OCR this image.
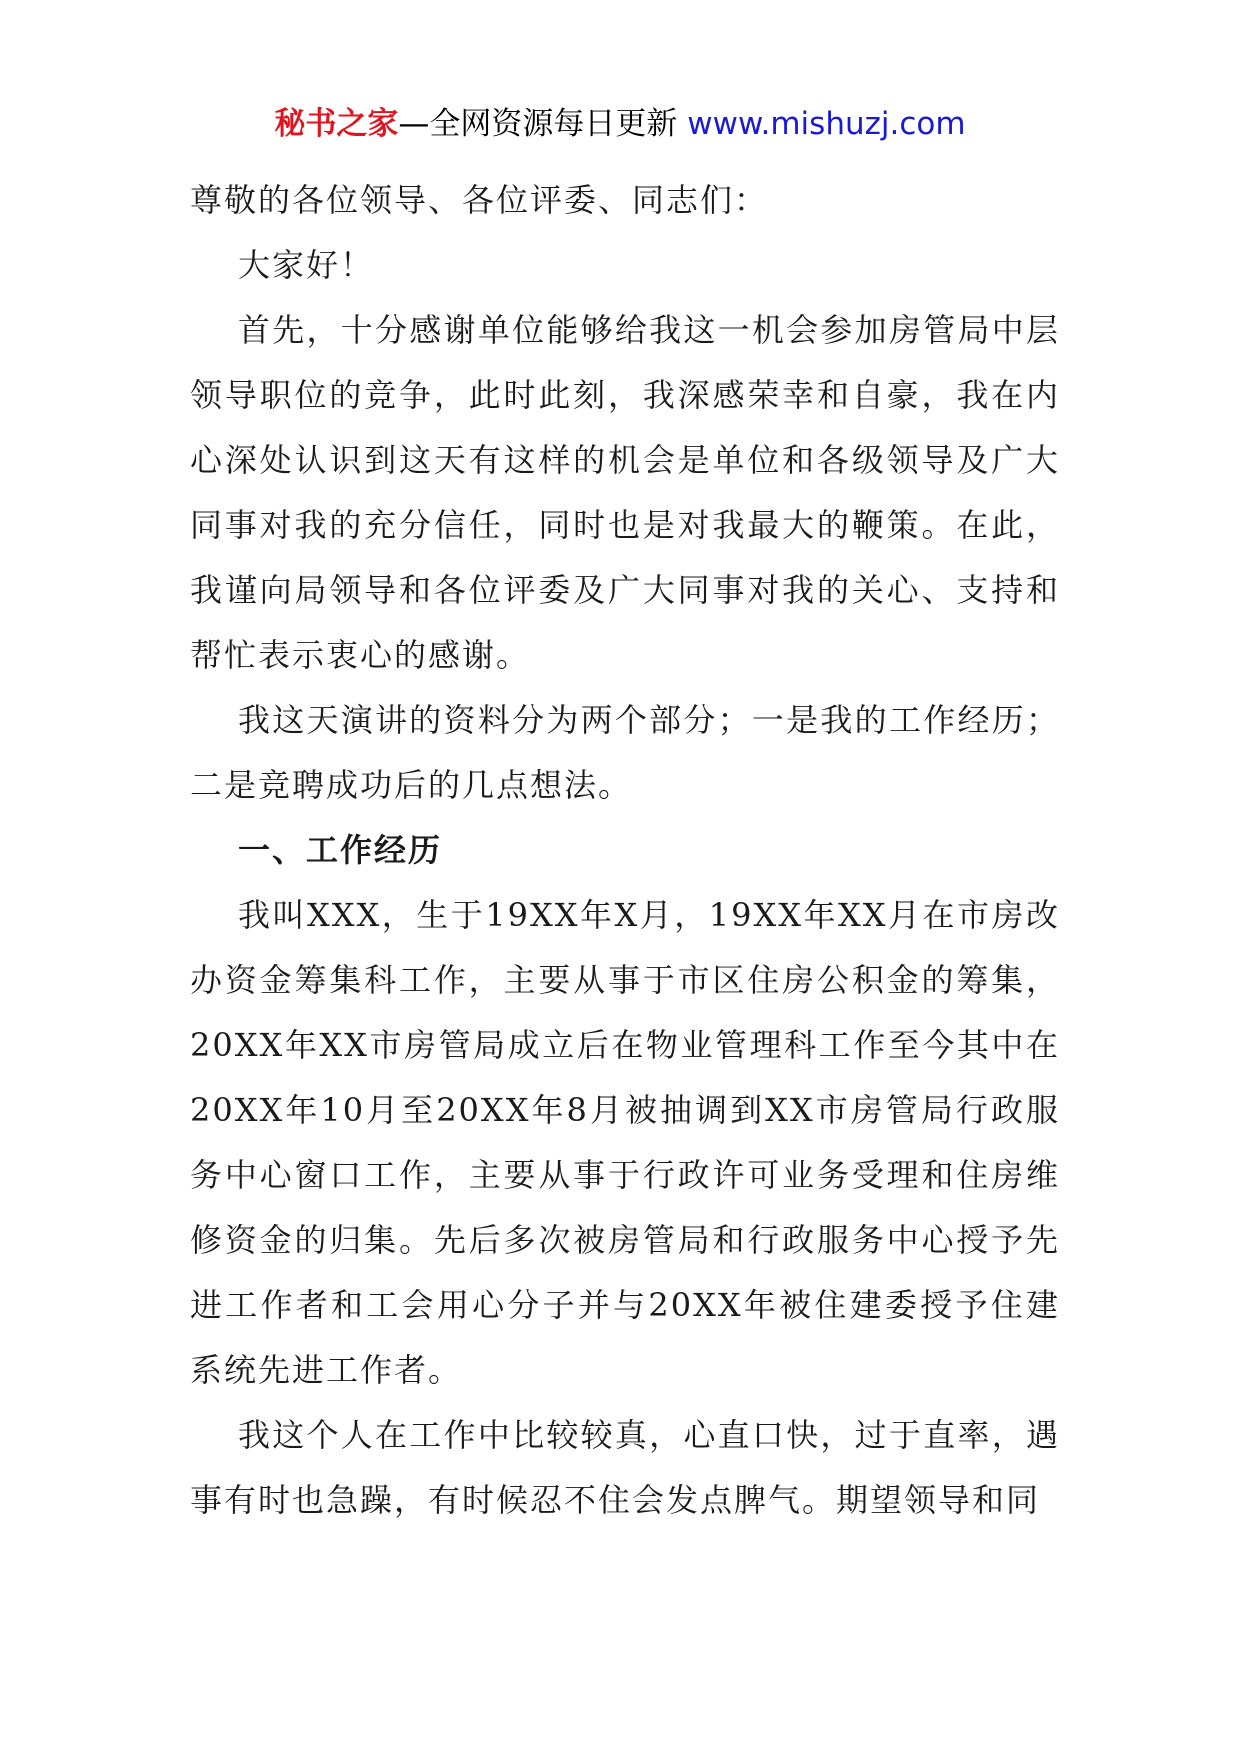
秘书之家—全网资源每日更新 www.mishuzj.com

尊敬的各位领导、各位评委、同志们：

大家好！

首先，十分感谢单位能够给我这一机会参加房管局中层领导职位的竞争，此时此刻，我深感荣幸和自豪，我在内心深处认识到这天有这样的机会是单位和各级领导及广大同事对我的充分信任，同时也是对我最大的鞭策。在此，我谨向局领导和各位评委及广大同事对我的关心、支持和帮忙表示衷心的感谢。

我这天演讲的资料分为两个部分；一是我的工作经历；二是竞聘成功后的几点想法。

一、工作经历

我叫XXX，生于19XX年X月，19XX年XX月在市房改办资金筹集科工作，主要从事于市区住房公积金的筹集，20XX年XX市房管局成立后在物业管理科工作至今其中在20XX年10月至20XX年8月被抽调到XX市房管局行政服务中心窗口工作，主要从事于行政许可业务受理和住房维修资金的归集。先后多次被房管局和行政服务中心授予先进工作者和工会用心分子并与20XX年被住建委授予住建系统先进工作者。

我这个人在工作中比较较真，心直口快，过于直率，遇事有时也急躁，有时候忍不住会发点脾气。期望领导和同
